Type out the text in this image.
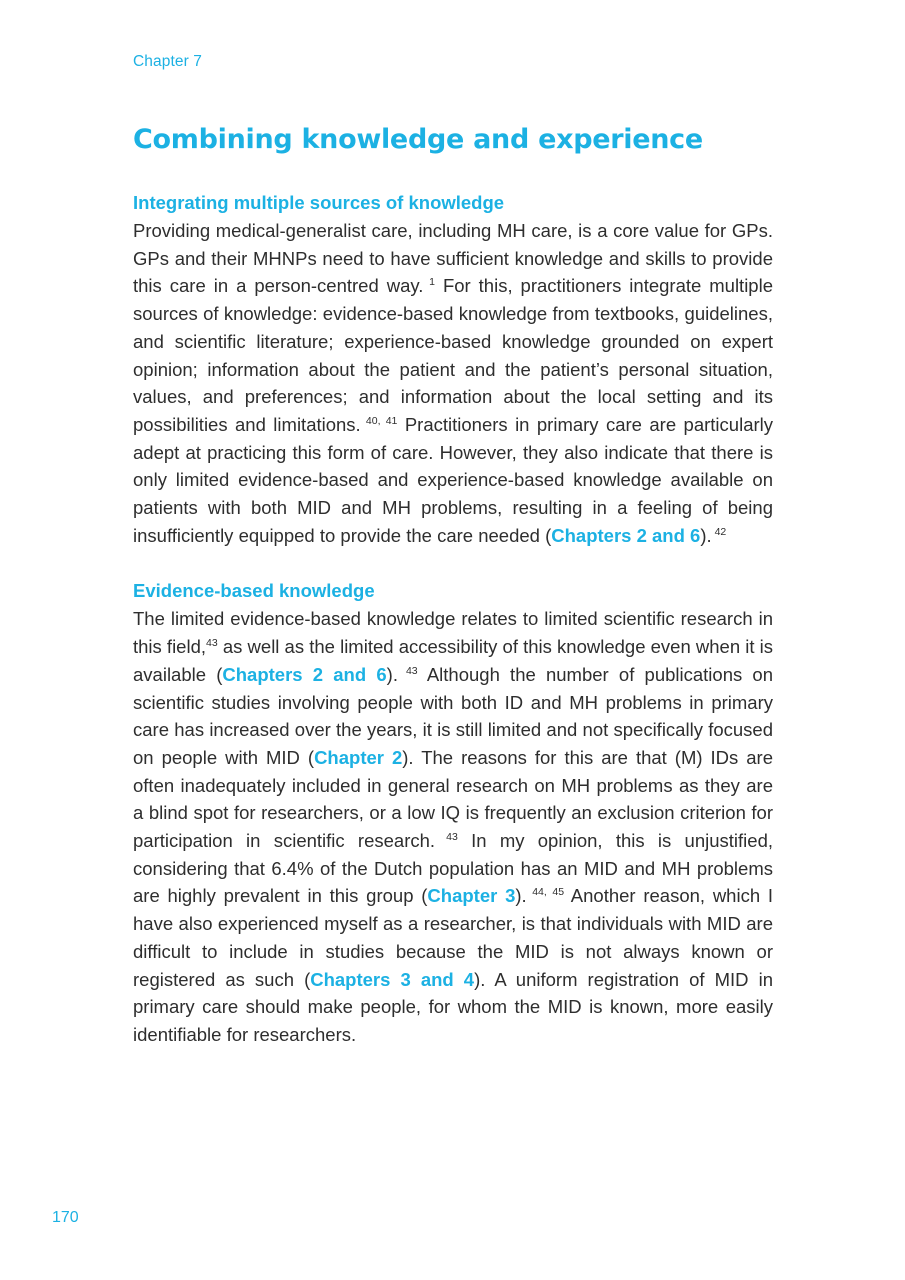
Chapter 7
Combining knowledge and experience
Integrating multiple sources of knowledge

Providing medical-generalist care, including MH care, is a core value for GPs. GPs and their MHNPs need to have sufficient knowledge and skills to provide this care in a person-centred way. $^1$ For this, practitioners integrate multiple sources of knowledge: evidence-based knowledge from textbooks, guidelines, and scientific literature; experience-based knowledge grounded on expert opinion; information about the patient and the patient’s personal situation, values, and preferences; and information about the local setting and its possibilities and limitations. $^{40, 41}$ Practitioners in primary care are particularly adept at practicing this form of care. However, they also indicate that there is only limited evidence-based and experience-based knowledge available on patients with both MID and MH problems, resulting in a feeling of being insufficiently equipped to provide the care needed (Chapters 2 and 6). $^{42}$

Evidence-based knowledge

The limited evidence-based knowledge relates to limited scientific research in this field,$^{43}$ as well as the limited accessibility of this knowledge even when it is available (Chapters 2 and 6). $^{43}$ Although the number of publications on scientific studies involving people with both ID and MH problems in primary care has increased over the years, it is still limited and not specifically focused on people with MID (Chapter 2). The reasons for this are that (M) IDs are often inadequately included in general research on MH problems as they are a blind spot for researchers, or a low IQ is frequently an exclusion criterion for participation in scientific research. $^{43}$ In my opinion, this is unjustified, considering that 6.4% of the Dutch population has an MID and MH problems are highly prevalent in this group (Chapter 3). $^{44, 45}$ Another reason, which I have also experienced myself as a researcher, is that individuals with MID are difficult to include in studies because the MID is not always known or registered as such (Chapters 3 and 4). A uniform registration of MID in primary care should make people, for whom the MID is known, more easily identifiable for researchers.

170
